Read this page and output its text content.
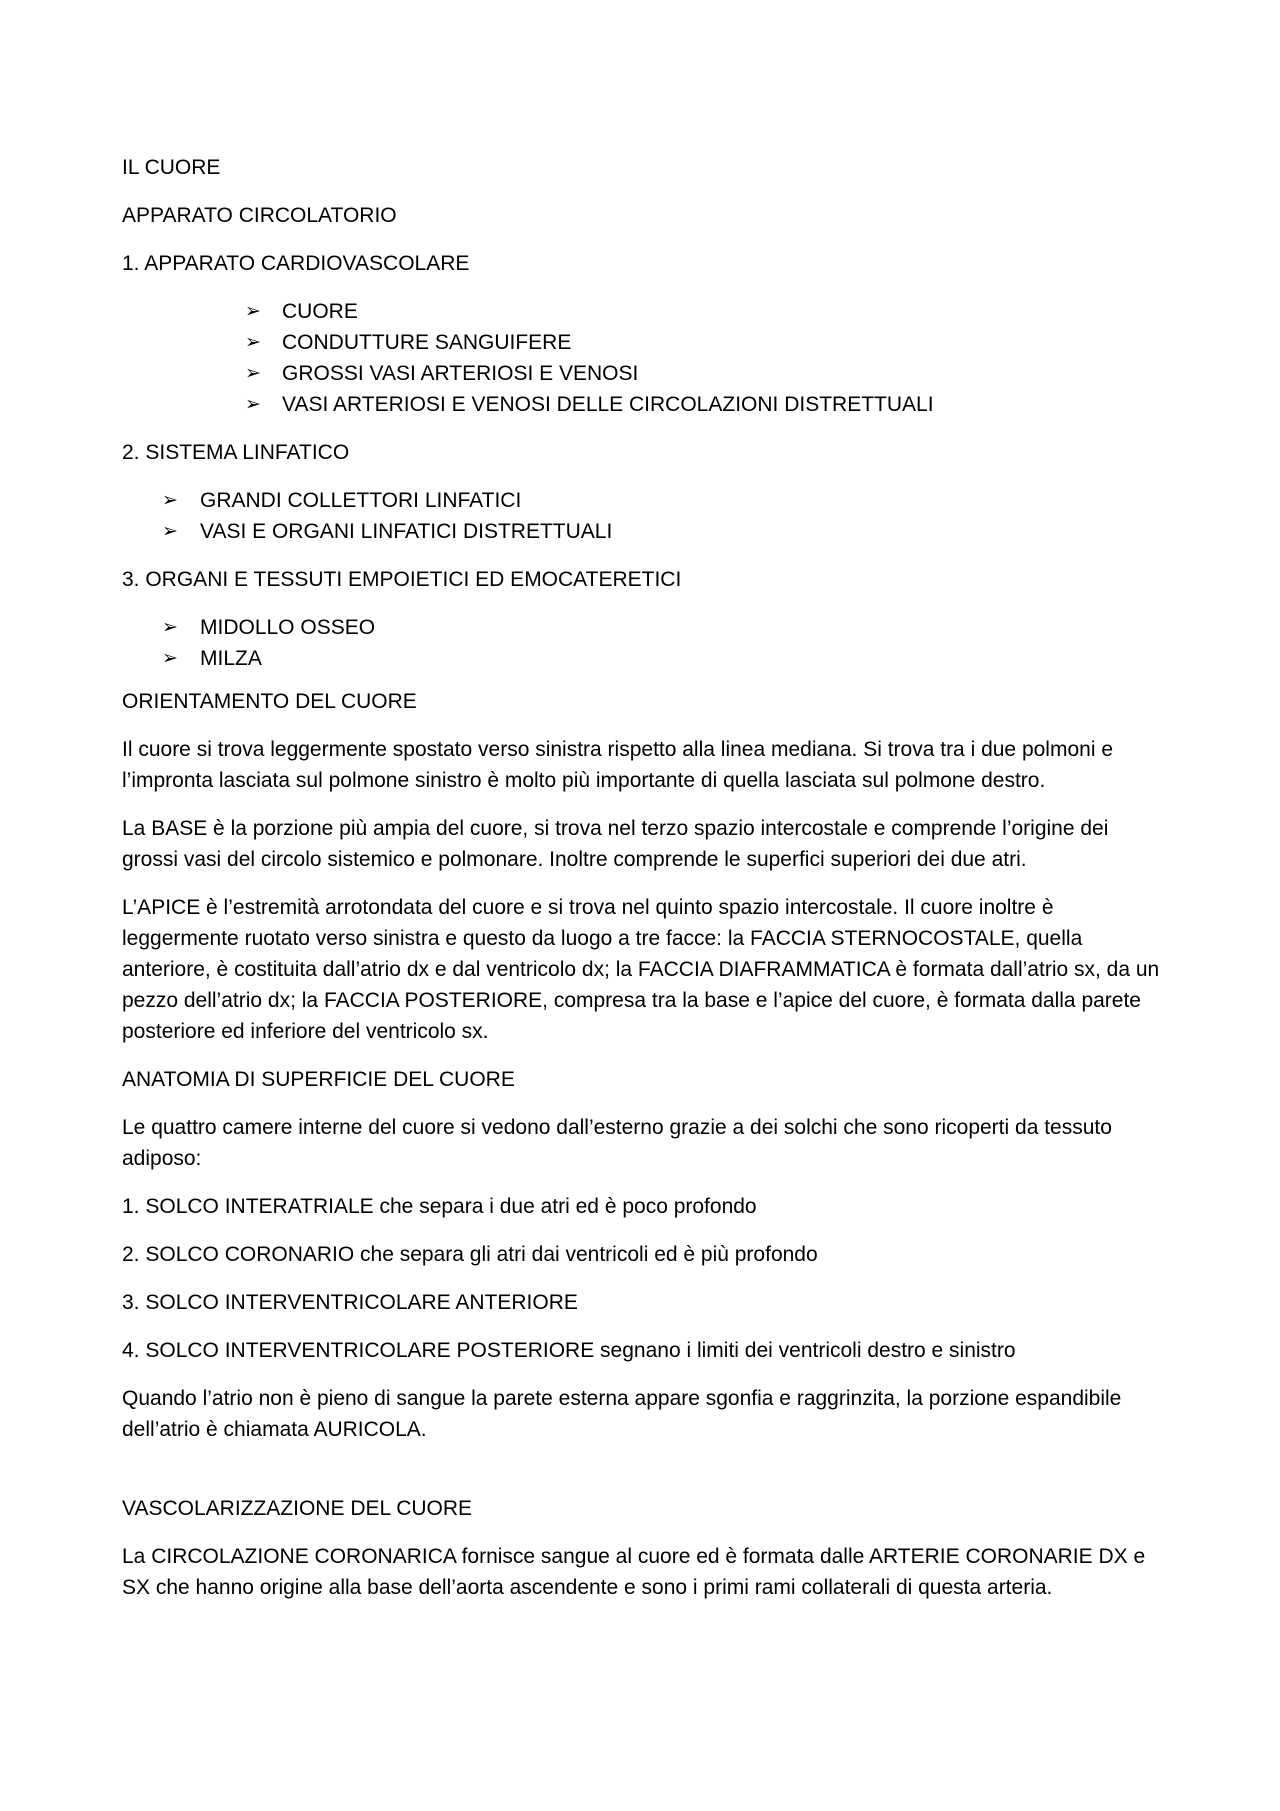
IL CUORE

APPARATO CIRCOLATORIO

1. APPARATO CARDIOVASCOLARE

➢ CUORE
➢ CONDUTTURE SANGUIFERE
➢ GROSSI VASI ARTERIOSI E VENOSI
➢ VASI ARTERIOSI E VENOSI DELLE CIRCOLAZIONI DISTRETTUALI

2. SISTEMA LINFATICO

➢ GRANDI COLLETTORI LINFATICI
➢ VASI E ORGANI LINFATICI DISTRETTUALI

3. ORGANI E TESSUTI EMPOIETICI ED EMOCATERETICI

➢ MIDOLLO OSSEO
➢ MILZA

ORIENTAMENTO DEL CUORE

Il cuore si trova leggermente spostato verso sinistra rispetto alla linea mediana. Si trova tra i due polmoni e l’impronta lasciata sul polmone sinistro è molto più importante di quella lasciata sul polmone destro.

La BASE è la porzione più ampia del cuore, si trova nel terzo spazio intercostale e comprende l’origine dei grossi vasi del circolo sistemico e polmonare. Inoltre comprende le superfici superiori dei due atri.

L’APICE è l’estremità arrotondata del cuore e si trova nel quinto spazio intercostale. Il cuore inoltre è leggermente ruotato verso sinistra e questo da luogo a tre facce: la FACCIA STERNOCOSTALE, quella anteriore, è costituita dall’atrio dx e dal ventricolo dx; la FACCIA DIAFRAMMATICA è formata dall’atrio sx, da un pezzo dell’atrio dx; la FACCIA POSTERIORE, compresa tra la base e l’apice del cuore, è formata dalla parete posteriore ed inferiore del ventricolo sx.

ANATOMIA DI SUPERFICIE DEL CUORE

Le quattro camere interne del cuore si vedono dall’esterno grazie a dei solchi che sono ricoperti da tessuto adiposo:

1. SOLCO INTERATRIALE che separa i due atri ed è poco profondo

2. SOLCO CORONARIO che separa gli atri dai ventricoli ed è più profondo

3. SOLCO INTERVENTRICOLARE ANTERIORE

4. SOLCO INTERVENTRICOLARE POSTERIORE segnano i limiti dei ventricoli destro e sinistro

Quando l’atrio non è pieno di sangue la parete esterna appare sgonfia e raggrinzita, la porzione espandibile dell’atrio è chiamata AURICOLA.

VASCOLARIZZAZIONE DEL CUORE

La CIRCOLAZIONE CORONARICA fornisce sangue al cuore ed è formata dalle ARTERIE CORONARIE DX e SX che hanno origine alla base dell’aorta ascendente e sono i primi rami collaterali di questa arteria.
